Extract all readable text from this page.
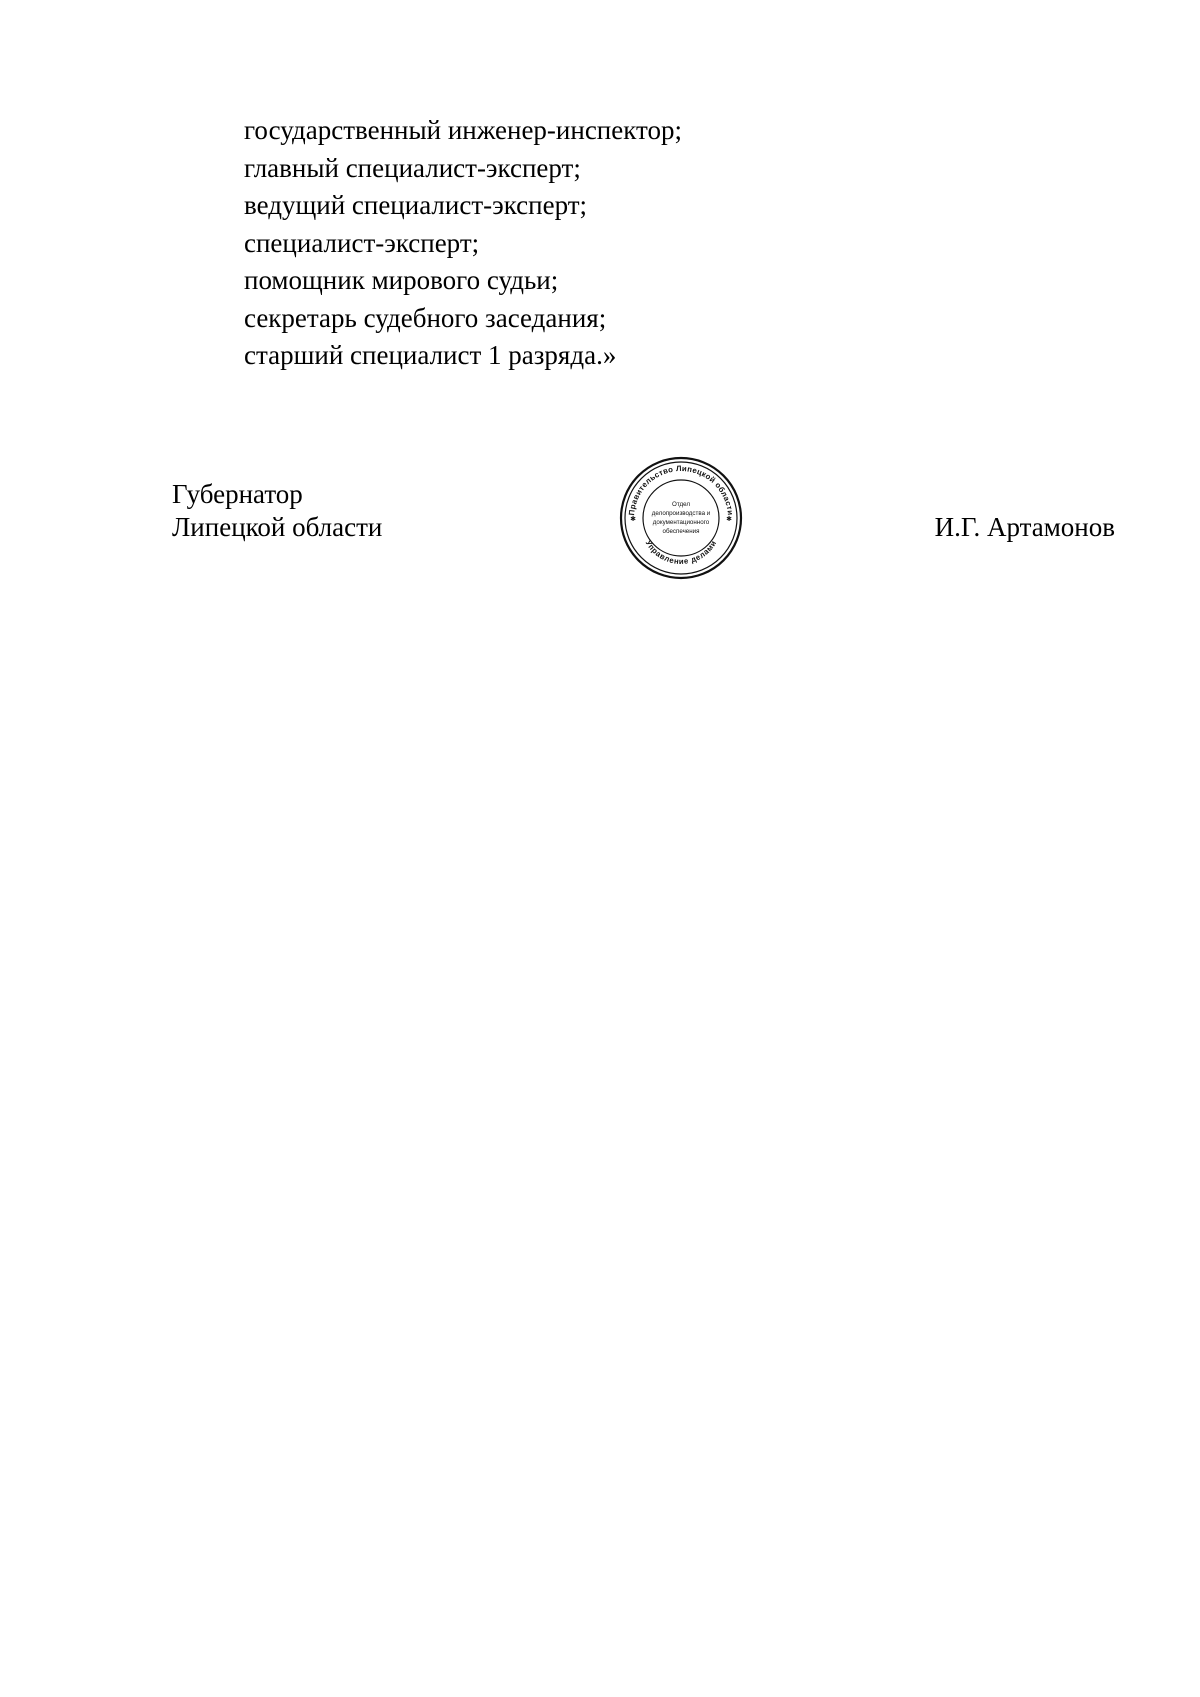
государственный инженер-инспектор;
главный специалист-эксперт;
ведущий специалист-эксперт;
специалист-эксперт;
помощник мирового судьи;
секретарь судебного заседания;
старший специалист 1 разряда.»
Губернатор
Липецкой области	Правительство Липецкой области
Управление делами
Отдел
делопроизводства и
документационного
обеспечения
✱	✱	И.Г. Артамонов
